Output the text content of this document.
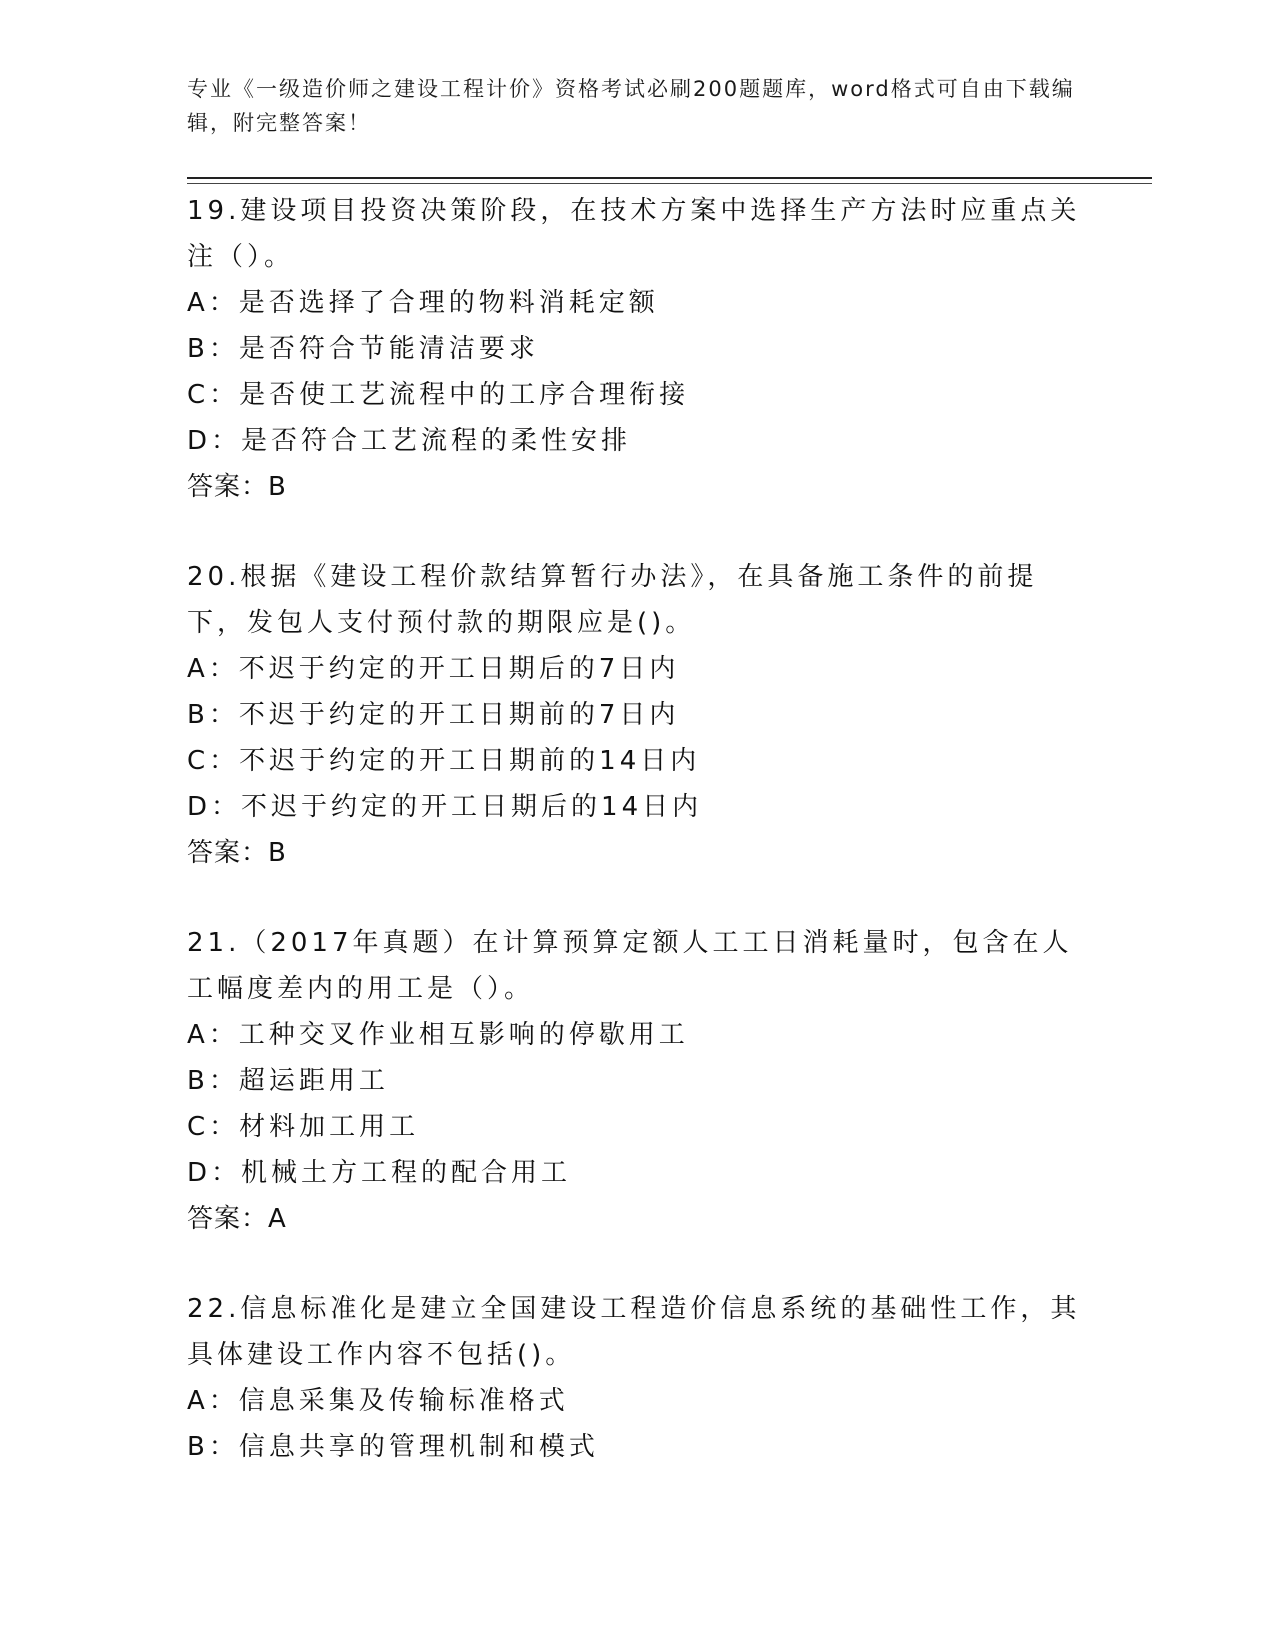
专业《一级造价师之建设工程计价》资格考试必刷200题题库，word格式可自由下载编辑，附完整答案！
19.建设项目投资决策阶段，在技术方案中选择生产方法时应重点关注（）。
A：是否选择了合理的物料消耗定额
B：是否符合节能清洁要求
C：是否使工艺流程中的工序合理衔接
D：是否符合工艺流程的柔性安排
答案：B
20.根据《建设工程价款结算暂行办法》，在具备施工条件的前提下，发包人支付预付款的期限应是()。
A：不迟于约定的开工日期后的7日内
B：不迟于约定的开工日期前的7日内
C：不迟于约定的开工日期前的14日内
D：不迟于约定的开工日期后的14日内
答案：B
21.（2017年真题）在计算预算定额人工工日消耗量时，包含在人工幅度差内的用工是（）。
A：工种交叉作业相互影响的停歇用工
B：超运距用工
C：材料加工用工
D：机械土方工程的配合用工
答案：A
22.信息标准化是建立全国建设工程造价信息系统的基础性工作，其具体建设工作内容不包括()。
A：信息采集及传输标准格式
B：信息共享的管理机制和模式
